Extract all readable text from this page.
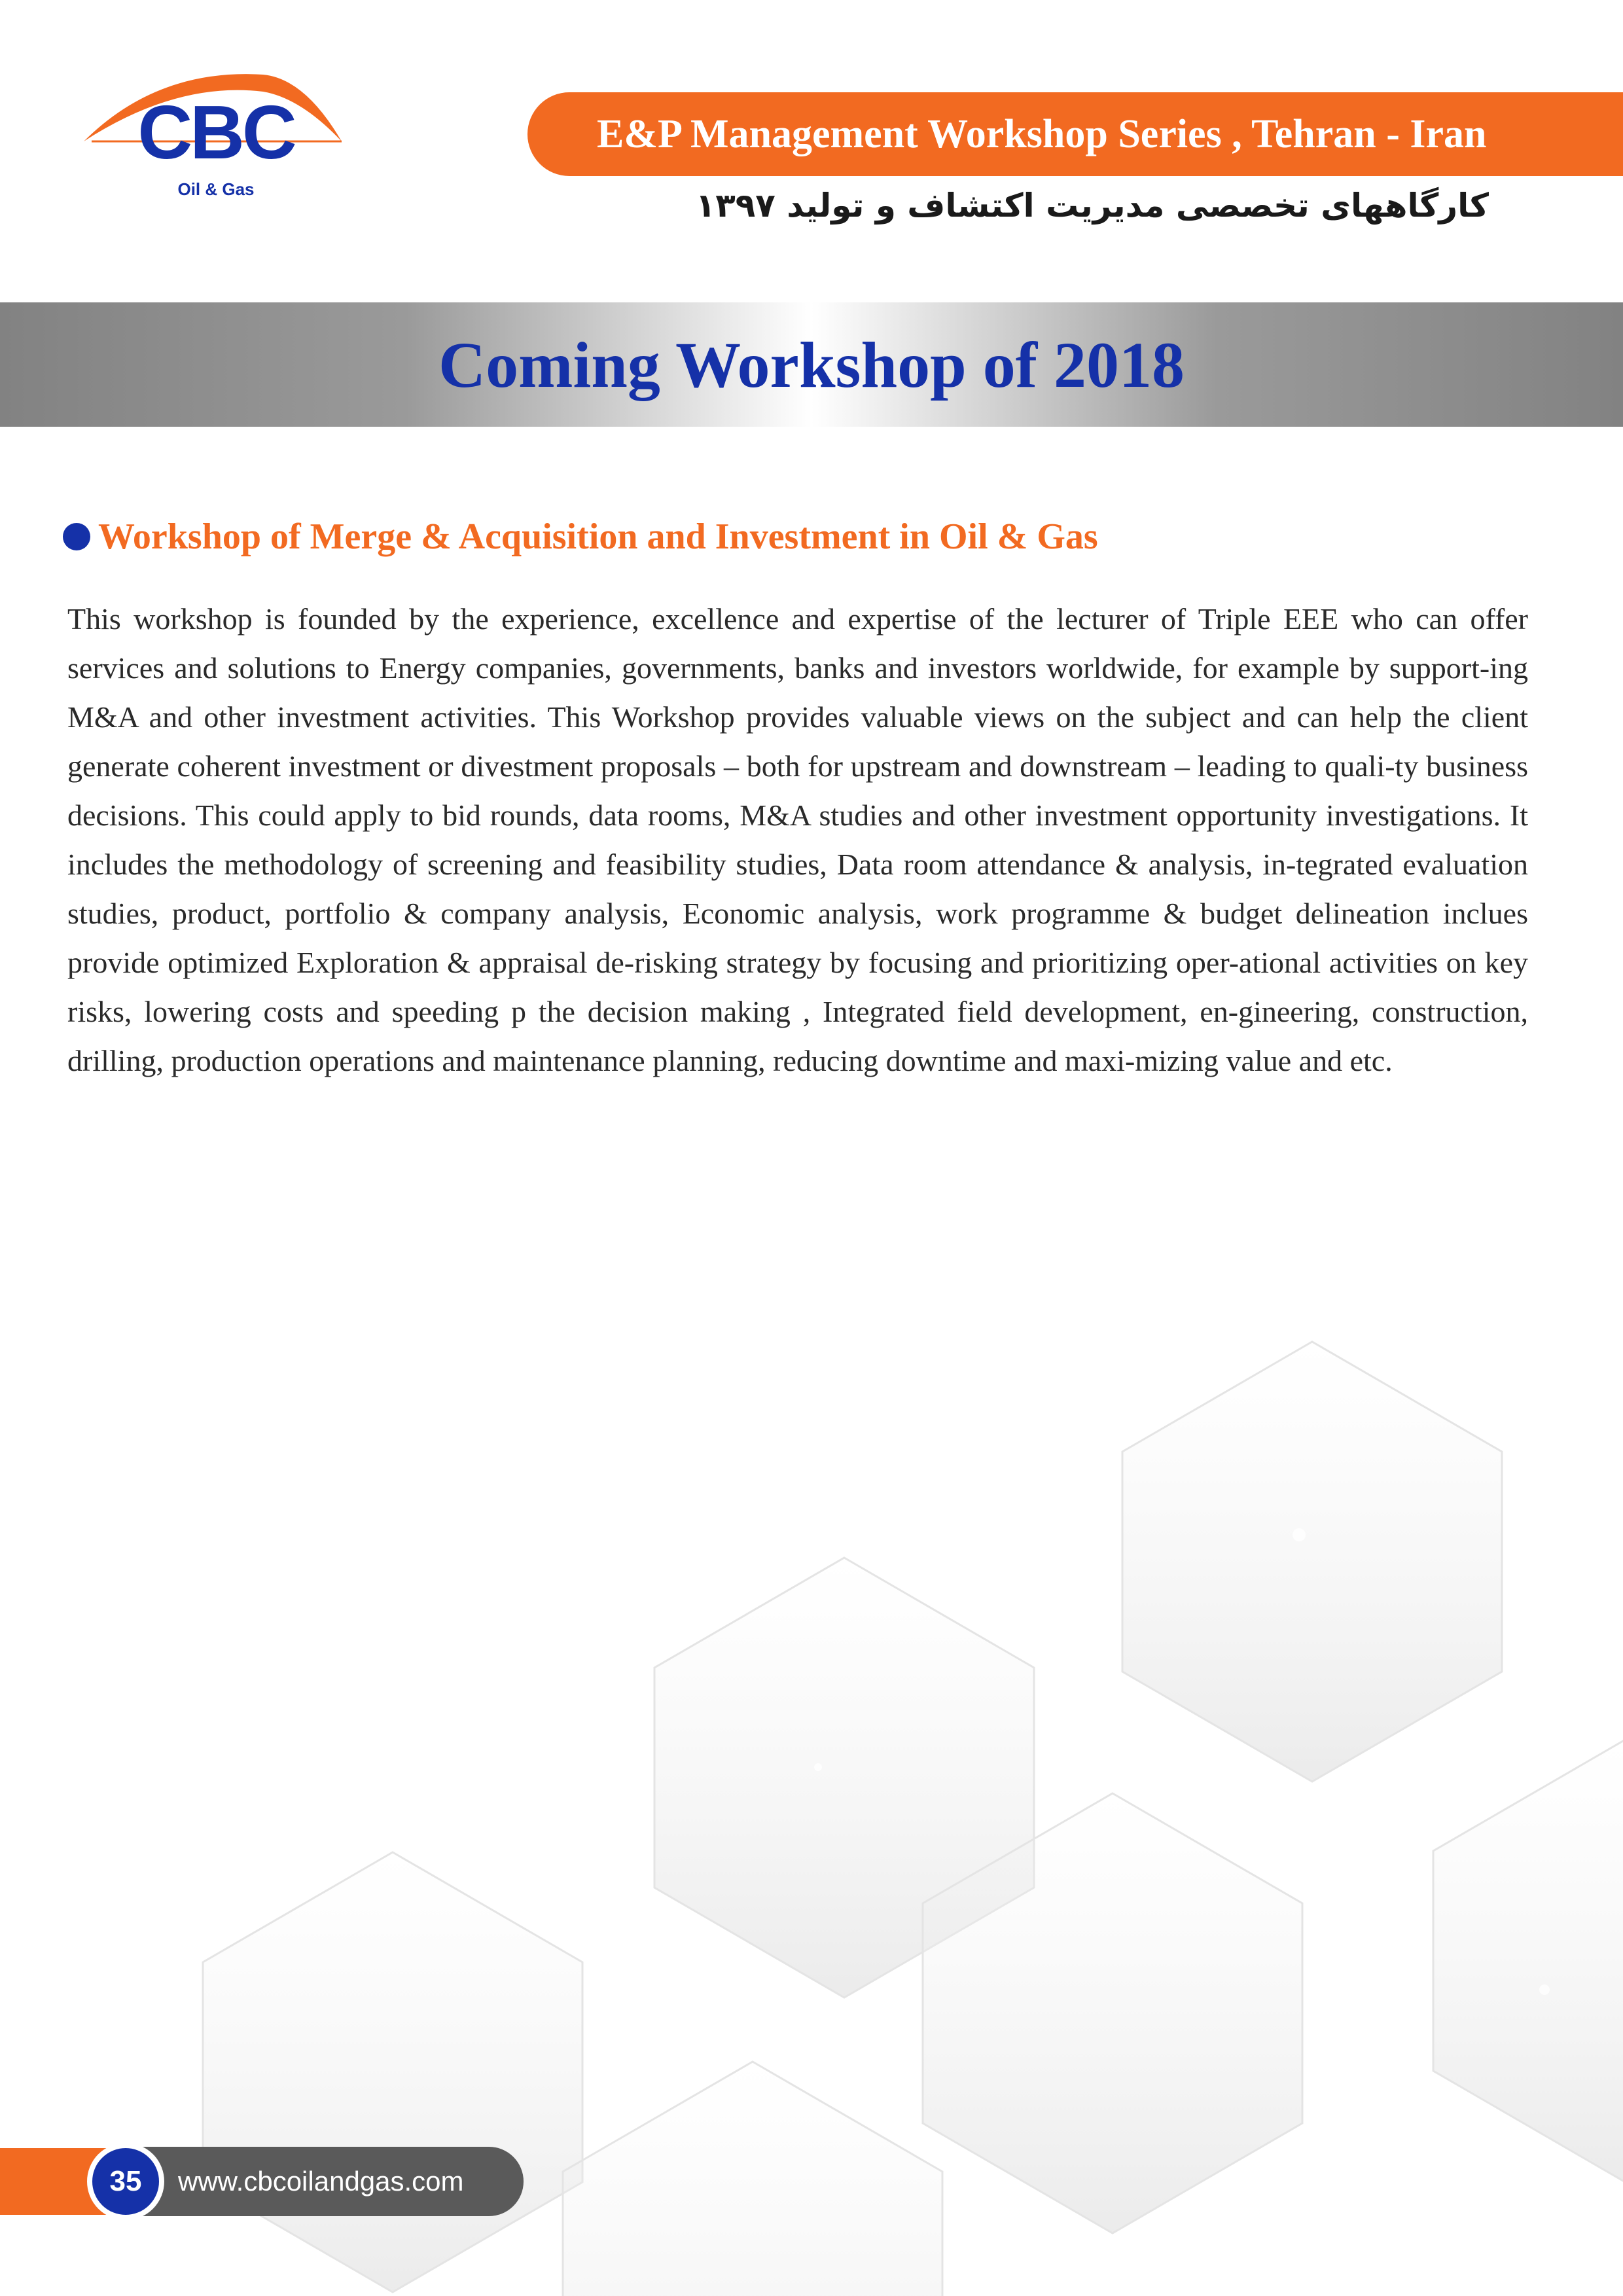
CBC
Oil & Gas
E&P Management Workshop Series , Tehran - Iran
کارگاههای تخصصی مدیریت اکتشاف و تولید ۱۳۹۷
Coming Workshop of 2018
Workshop of Merge & Acquisition and Investment in Oil & Gas

This workshop is founded by the experience, excellence and expertise of the lecturer of Triple EEE who can offer services and solutions to Energy companies, governments, banks and investors worldwide, for example by support-ing M&A and other investment activities. This Workshop provides valuable views on the subject and can help the client generate coherent investment or divestment proposals – both for upstream and downstream – leading to quali-ty business decisions. This could apply to bid rounds, data rooms, M&A studies and other investment opportunity investigations. It includes the methodology of screening and feasibility studies, Data room attendance & analysis, in-tegrated evaluation studies, product, portfolio & company analysis, Economic analysis, work programme & budget delineation inclues provide optimized Exploration & appraisal de-risking strategy by focusing and prioritizing oper-ational activities on key risks, lowering costs and speeding p the decision making , Integrated field development, en-gineering, construction, drilling, production operations and maintenance planning, reducing downtime and maxi-mizing value and etc.

35	www.cbcoilandgas.com
